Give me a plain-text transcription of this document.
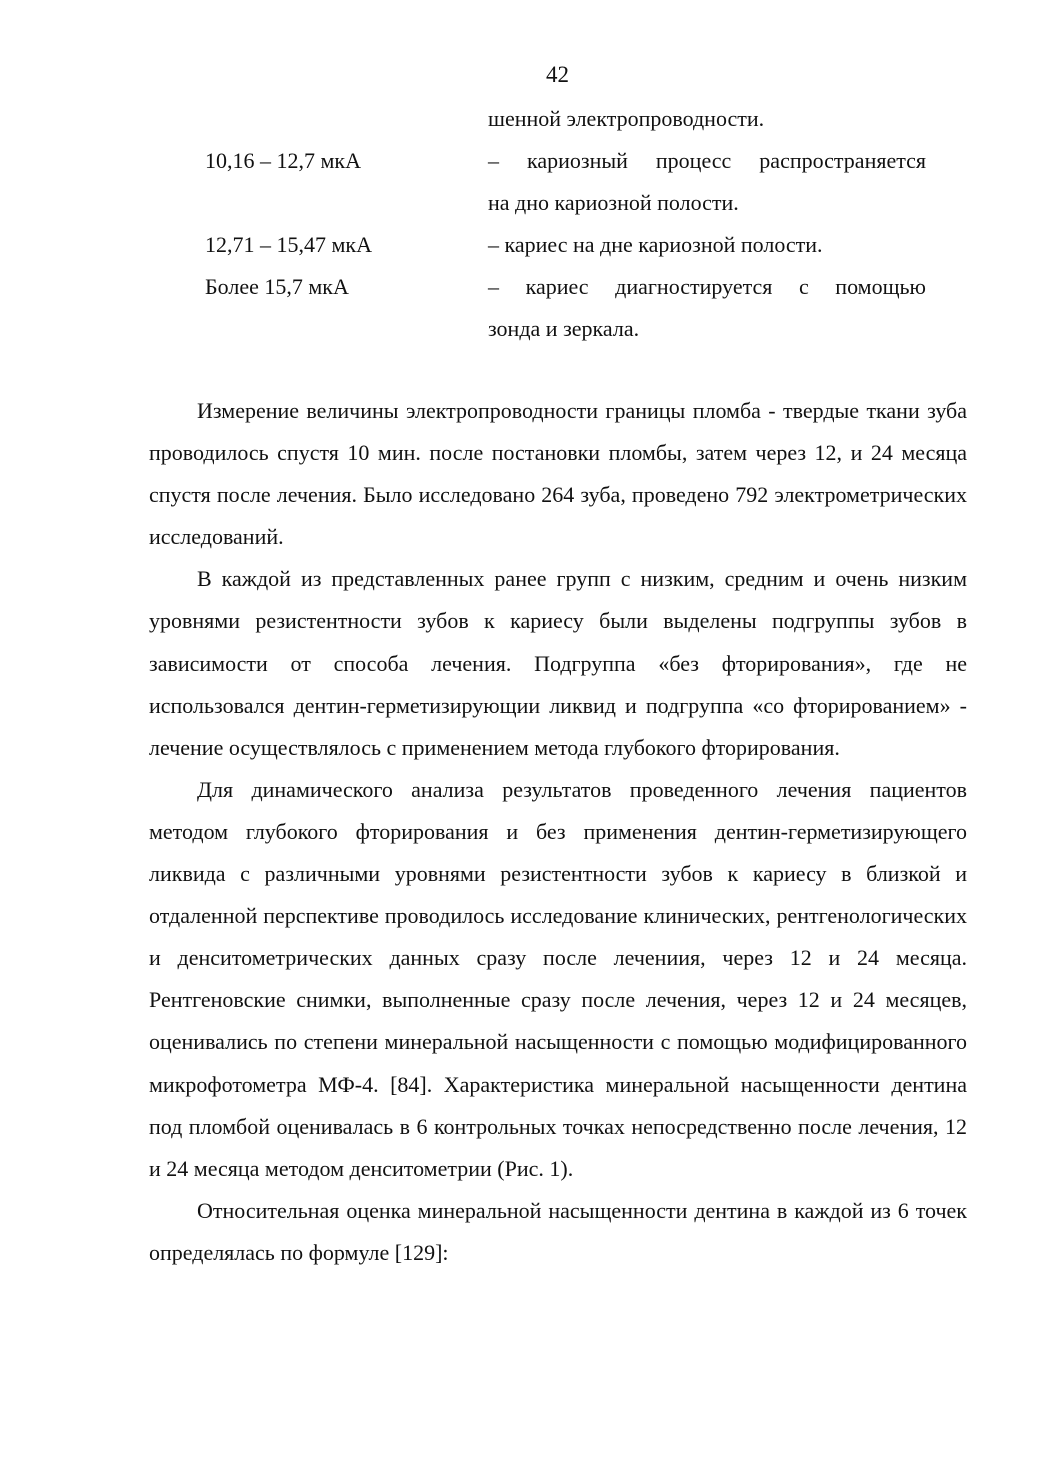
42
шенной электропроводности.
10,16 – 12,7 мкА	– кариозный процесс распространяется
на дно кариозной полости.
12,71 – 15,47 мкА	– кариес на дне кариозной полости.
Более 15,7 мкА	– кариес диагностируется с помощью
зонда и зеркала.

Измерение величины электропроводности границы пломба - твердые ткани зуба проводилось спустя 10 мин. после постановки пломбы, затем через 12, и 24 месяца спустя после лечения. Было исследовано 264 зуба, проведено 792 электрометрических исследований.

В каждой из представленных ранее групп с низким, средним и очень низким уровнями резистентности зубов к кариесу были выделены подгруппы зубов в зависимости от способа лечения. Подгруппа «без фторирования», где не использовался дентин-герметизирующии ликвид и подгруппа «со фторированием» - лечение осуществлялось с применением метода глубокого фторирования.

Для динамического анализа результатов проведенного лечения пациентов методом глубокого фторирования и без применения дентин-герметизирующего ликвида с различными уровнями резистентности зубов к кариесу в близкой и отдаленной перспективе проводилось исследование клинических, рентгенологических и денситометрических данных сразу после лечениия, через 12 и 24 месяца. Рентгеновские снимки, выполненные сразу после лечения, через 12 и 24 месяцев, оценивались по степени минеральной насыщенности с помощью модифицированного микрофотометра МФ-4. [84]. Характеристика минеральной насыщенности дентина под пломбой оценивалась в 6 контрольных точках непосредственно после лечения, 12 и 24 месяца методом денситометрии (Рис. 1).

Относительная оценка минеральной насыщенности дентина в каждой из 6 точек определялась по формуле [129]:
